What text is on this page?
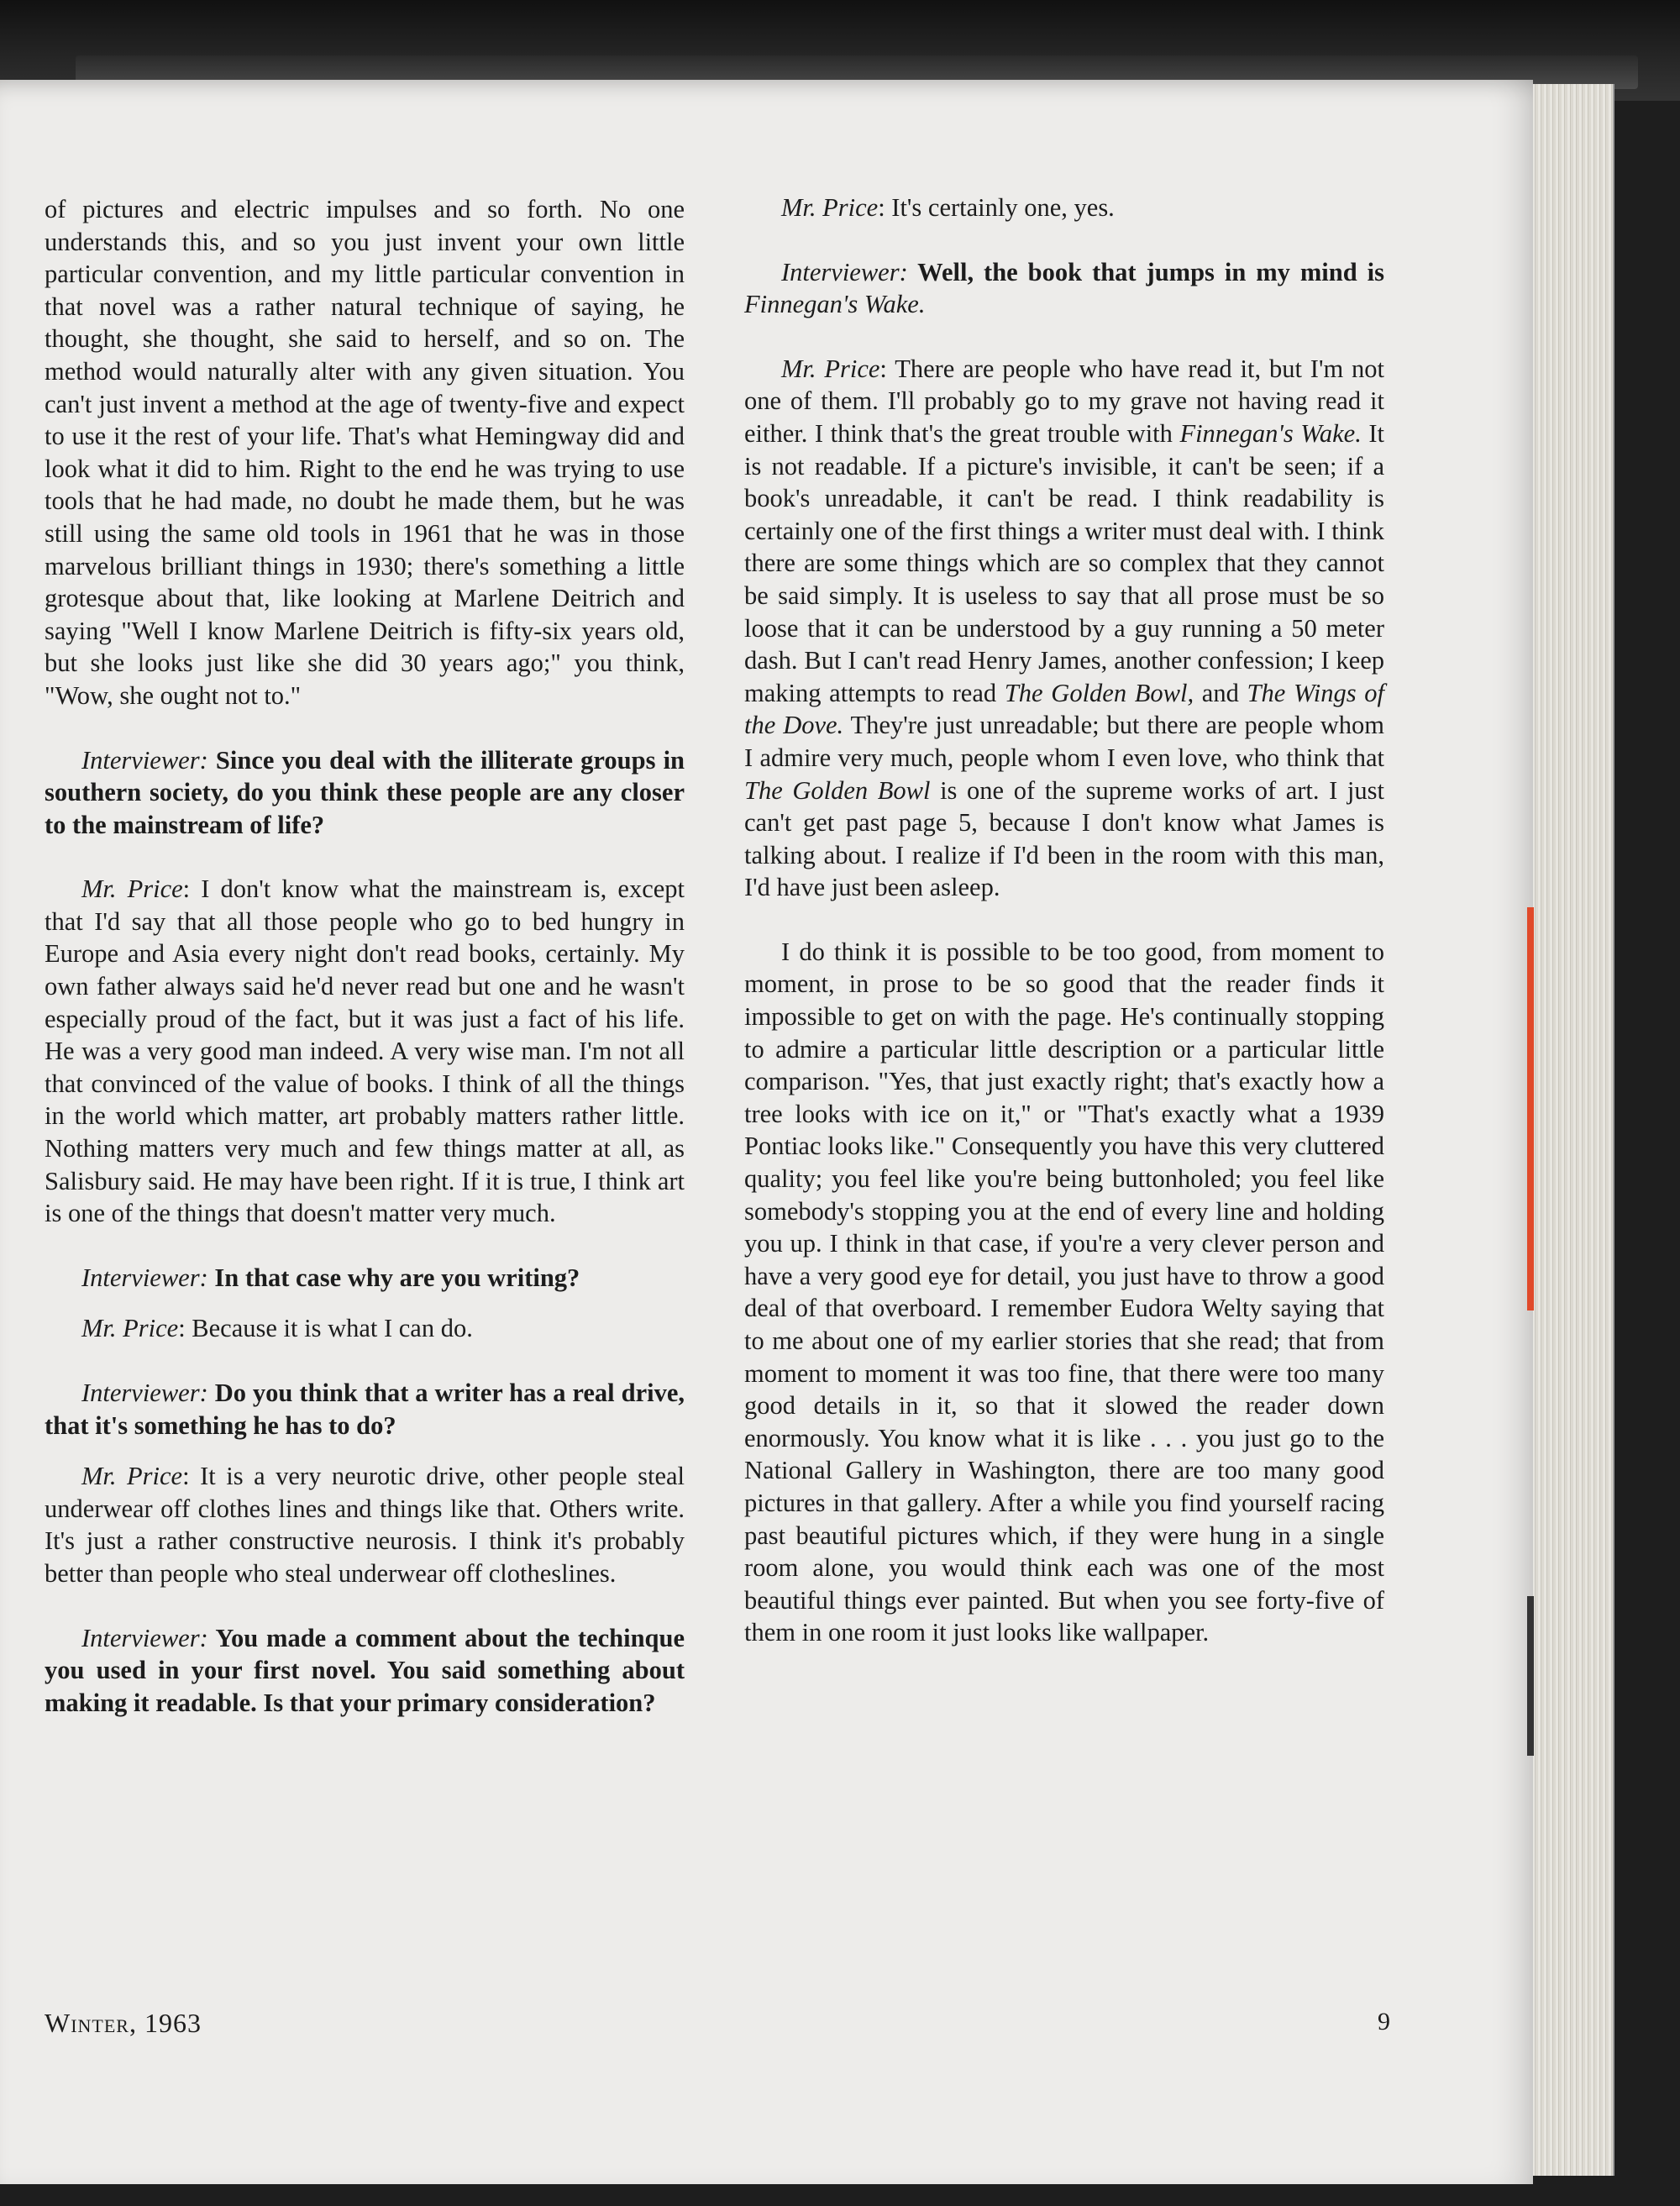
of pictures and electric impulses and so forth. No one understands this, and so you just invent your own little particular convention, and my little particular convention in that novel was a rather natural technique of saying, he thought, she thought, she said to herself, and so on. The method would naturally alter with any given situation. You can't just invent a method at the age of twenty-five and expect to use it the rest of your life. That's what Hemingway did and look what it did to him. Right to the end he was trying to use tools that he had made, no doubt he made them, but he was still using the same old tools in 1961 that he was in those marvelous brilliant things in 1930; there's something a little grotesque about that, like looking at Marlene Deitrich and saying "Well I know Marlene Deitrich is fifty-six years old, but she looks just like she did 30 years ago;" you think, "Wow, she ought not to."

Interviewer: Since you deal with the illiterate groups in southern society, do you think these people are any closer to the mainstream of life?

Mr. Price: I don't know what the mainstream is, except that I'd say that all those people who go to bed hungry in Europe and Asia every night don't read books, certainly. My own father always said he'd never read but one and he wasn't especially proud of the fact, but it was just a fact of his life. He was a very good man indeed. A very wise man. I'm not all that convinced of the value of books. I think of all the things in the world which matter, art probably matters rather little. Nothing matters very much and few things matter at all, as Salisbury said. He may have been right. If it is true, I think art is one of the things that doesn't matter very much.

Interviewer: In that case why are you writing?

Mr. Price: Because it is what I can do.

Interviewer: Do you think that a writer has a real drive, that it's something he has to do?

Mr. Price: It is a very neurotic drive, other people steal underwear off clothes lines and things like that. Others write. It's just a rather constructive neurosis. I think it's probably better than people who steal underwear off clotheslines.

Interviewer: You made a comment about the techinque you used in your first novel. You said something about making it readable. Is that your primary consideration?

Mr. Price: It's certainly one, yes.

Interviewer: Well, the book that jumps in my mind is Finnegan's Wake.

Mr. Price: There are people who have read it, but I'm not one of them. I'll probably go to my grave not having read it either. I think that's the great trouble with Finnegan's Wake. It is not readable. If a picture's invisible, it can't be seen; if a book's unreadable, it can't be read. I think readability is certainly one of the first things a writer must deal with. I think there are some things which are so complex that they cannot be said simply. It is useless to say that all prose must be so loose that it can be understood by a guy running a 50 meter dash. But I can't read Henry James, another confession; I keep making attempts to read The Golden Bowl, and The Wings of the Dove. They're just unreadable; but there are people whom I admire very much, people whom I even love, who think that The Golden Bowl is one of the supreme works of art. I just can't get past page 5, because I don't know what James is talking about. I realize if I'd been in the room with this man, I'd have just been asleep.

I do think it is possible to be too good, from moment to moment, in prose to be so good that the reader finds it impossible to get on with the page. He's continually stopping to admire a particular little description or a particular little comparison. "Yes, that just exactly right; that's exactly how a tree looks with ice on it," or "That's exactly what a 1939 Pontiac looks like." Consequently you have this very cluttered quality; you feel like you're being buttonholed; you feel like somebody's stopping you at the end of every line and holding you up. I think in that case, if you're a very clever person and have a very good eye for detail, you just have to throw a good deal of that overboard. I remember Eudora Welty saying that to me about one of my earlier stories that she read; that from moment to moment it was too fine, that there were too many good details in it, so that it slowed the reader down enormously. You know what it is like . . . you just go to the National Gallery in Washington, there are too many good pictures in that gallery. After a while you find yourself racing past beautiful pictures which, if they were hung in a single room alone, you would think each was one of the most beautiful things ever painted. But when you see forty-five of them in one room it just looks like wallpaper.

Winter, 1963	9
